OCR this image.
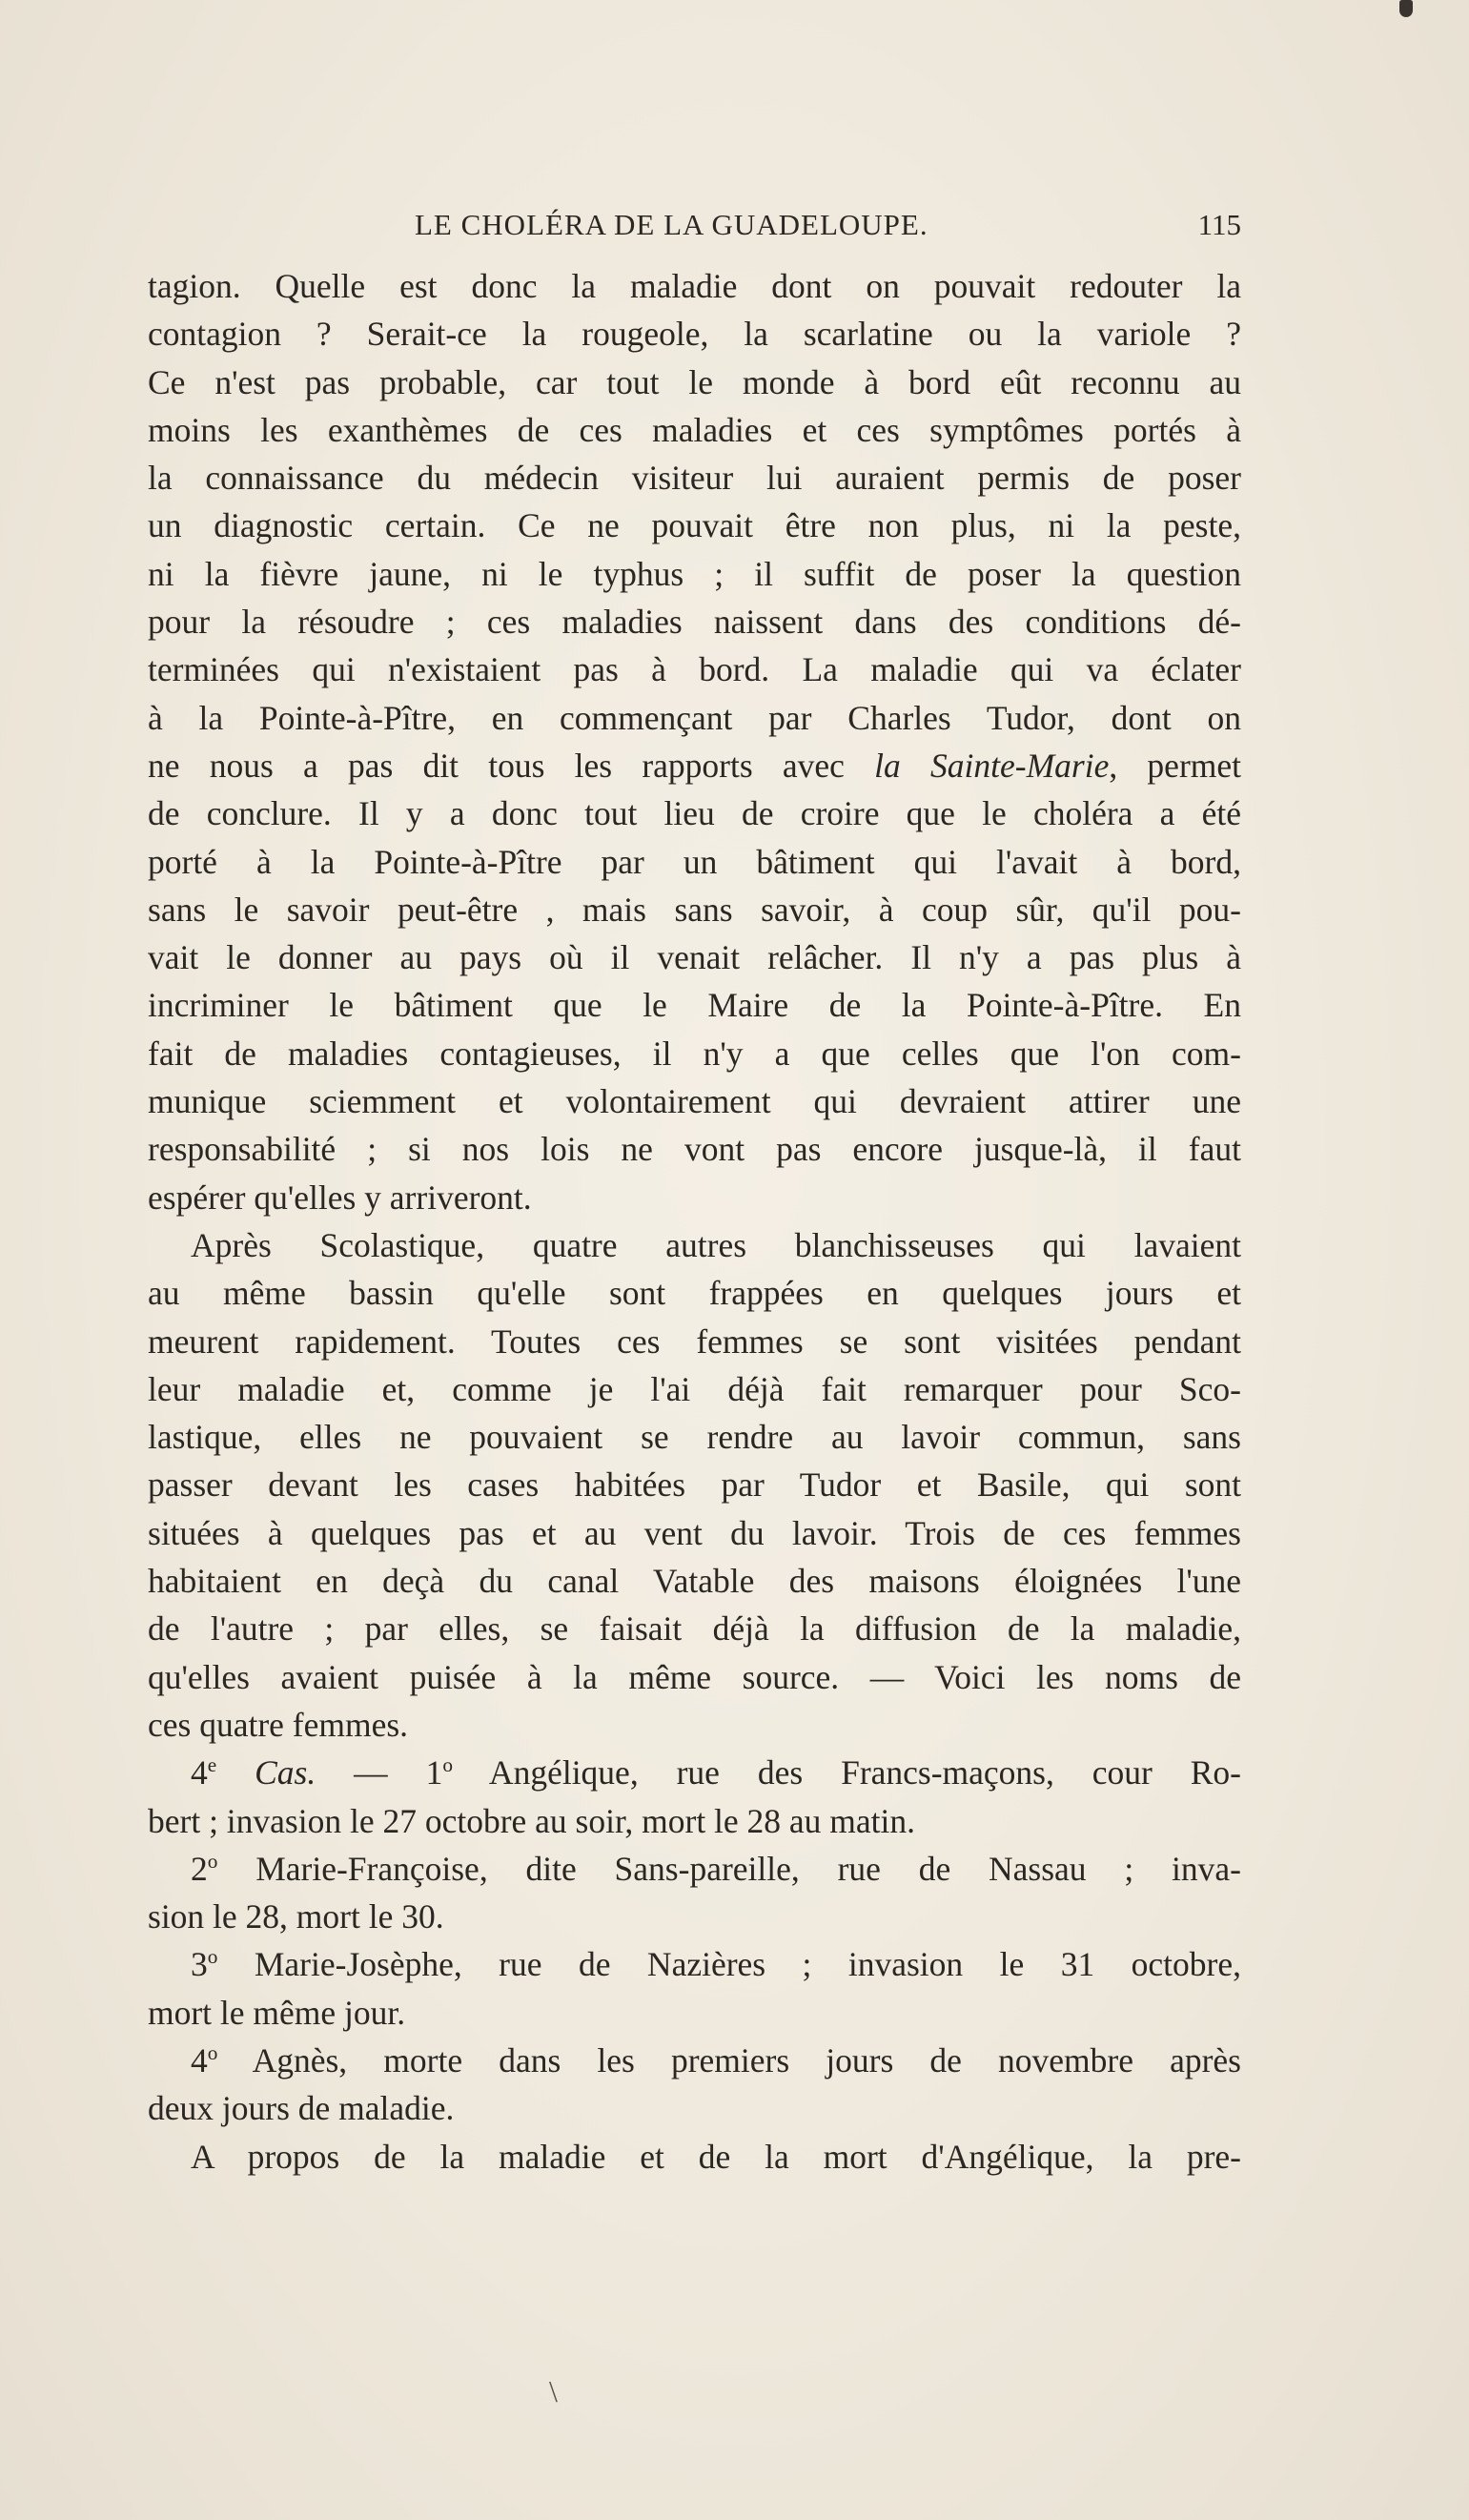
LE CHOLÉRA DE LA GUADELOUPE.	115
tagion. Quelle est donc la maladie dont on pouvait redouter la
contagion ? Serait-ce la rougeole, la scarlatine ou la variole ?
Ce n'est pas probable, car tout le monde à bord eût reconnu au
moins les exanthèmes de ces maladies et ces symptômes portés à
la connaissance du médecin visiteur lui auraient permis de poser
un diagnostic certain. Ce ne pouvait être non plus, ni la peste,
ni la fièvre jaune, ni le typhus ; il suffit de poser la question
pour la résoudre ; ces maladies naissent dans des conditions dé-
terminées qui n'existaient pas à bord. La maladie qui va éclater
à la Pointe-à-Pître, en commençant par Charles Tudor, dont on
ne nous a pas dit tous les rapports avec la Sainte-Marie, permet
de conclure. Il y a donc tout lieu de croire que le choléra a été
porté à la Pointe-à-Pître par un bâtiment qui l'avait à bord,
sans le savoir peut-être , mais sans savoir, à coup sûr, qu'il pou-
vait le donner au pays où il venait relâcher. Il n'y a pas plus à
incriminer le bâtiment que le Maire de la Pointe-à-Pître. En
fait de maladies contagieuses, il n'y a que celles que l'on com-
munique sciemment et volontairement qui devraient attirer une
responsabilité ; si nos lois ne vont pas encore jusque-là, il faut
espérer qu'elles y arriveront.
Après Scolastique, quatre autres blanchisseuses qui lavaient
au même bassin qu'elle sont frappées en quelques jours et
meurent rapidement. Toutes ces femmes se sont visitées pendant
leur maladie et, comme je l'ai déjà fait remarquer pour Sco-
lastique, elles ne pouvaient se rendre au lavoir commun, sans
passer devant les cases habitées par Tudor et Basile, qui sont
situées à quelques pas et au vent du lavoir. Trois de ces femmes
habitaient en deçà du canal Vatable des maisons éloignées l'une
de l'autre ; par elles, se faisait déjà la diffusion de la maladie,
qu'elles avaient puisée à la même source. — Voici les noms de
ces quatre femmes.
4e Cas. — 1$^o$ Angélique, rue des Francs-maçons, cour Ro-
bert ; invasion le 27 octobre au soir, mort le 28 au matin.
2$^o$ Marie-Françoise, dite Sans-pareille, rue de Nassau ; inva-
sion le 28, mort le 30.
3$^o$ Marie-Josèphe, rue de Nazières ; invasion le 31 octobre,
mort le même jour.
4$^o$ Agnès, morte dans les premiers jours de novembre après
deux jours de maladie.
A propos de la maladie et de la mort d'Angélique, la pre-
\
